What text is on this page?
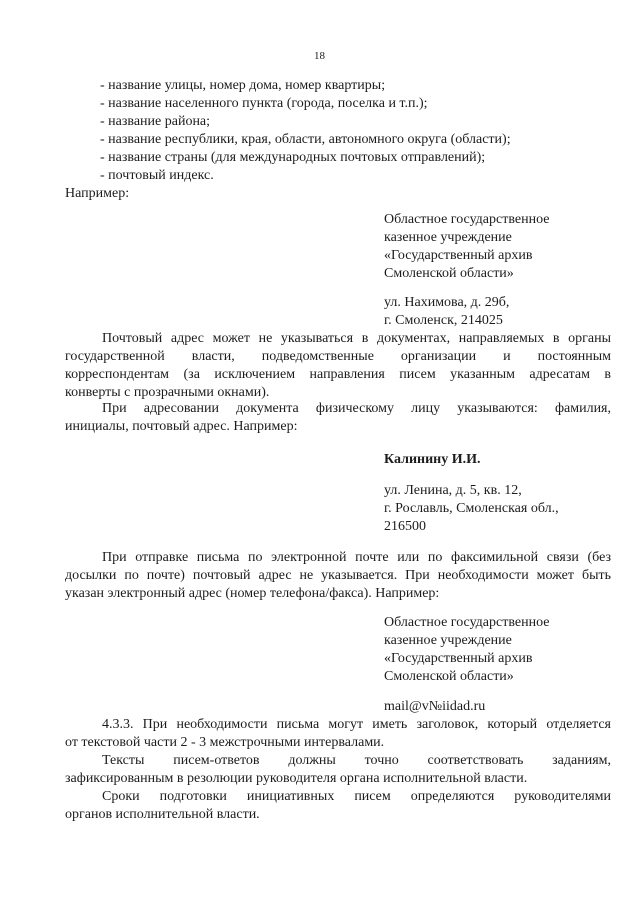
18
- название улицы, номер дома, номер квартиры;
- название населенного пункта (города, поселка и т.п.);
- название района;
- название республики, края, области, автономного округа (области);
- название страны (для международных почтовых отправлений);
- почтовый индекс.
Например:
Областное государственное
казенное учреждение
«Государственный архив
Смоленской области»
ул. Нахимова, д. 29б,
г. Смоленск, 214025
Почтовый адрес может не указываться в документах, направляемых в органы
государственной власти, подведомственные организации и постоянным
корреспондентам (за исключением направления писем указанным адресатам в
конверты с прозрачными окнами).
При адресовании документа физическому лицу указываются: фамилия,
инициалы, почтовый адрес. Например:
Калинину И.И.
ул. Ленина, д. 5, кв. 12,
г. Рославль, Смоленская обл.,
216500
При отправке письма по электронной почте или по факсимильной связи (без
досылки по почте) почтовый адрес не указывается. При необходимости может быть
указан электронный адрес (номер телефона/факса). Например:
Областное государственное
казенное учреждение
«Государственный архив
Смоленской области»
mail@v№iidad.ru
4.3.3. При необходимости письма могут иметь заголовок, который отделяется
от текстовой части 2 - 3 межстрочными интервалами.
Тексты писем-ответов должны точно соответствовать заданиям,
зафиксированным в резолюции руководителя органа исполнительной власти.
Сроки подготовки инициативных писем определяются руководителями
органов исполнительной власти.
